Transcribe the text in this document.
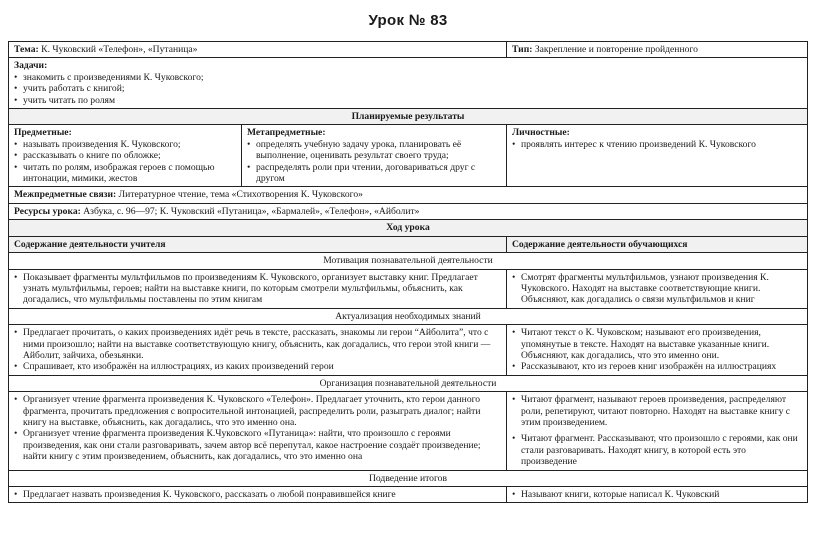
Урок № 83
Тема: К. Чуковский «Телефон», «Путаница»	Тип: Закрепление и повторение пройденного
Задачи:
• знакомить с произведениями К. Чуковского;
• учить работать с книгой;
• учить читать по ролям
Планируемые результаты
Предметные:
• называть произведения К. Чуковского;
• рассказывать о книге по обложке;
• читать по ролям, изображая героев с помощью интонации, мимики, жестов
Метапредметные:
• определять учебную задачу урока, планировать её выполнение, оценивать результат своего труда;
• распределять роли при чтении, договариваться друг с другом
Личностные:
• проявлять интерес к чтению произведений К. Чуковского
Межпредметные связи: Литературное чтение, тема «Стихотворения К. Чуковского»
Ресурсы урока: Азбука, с. 96—97; К. Чуковский «Путаница», «Бармалей», «Телефон», «Айболит»
Ход урока
Содержание деятельности учителя	Содержание деятельности обучающихся
Мотивация познавательной деятельности
• Показывает фрагменты мультфильмов по произведениям К. Чуковского, организует выставку книг. Предлагает узнать мультфильмы, героев; найти на выставке книги, по которым смотрели мультфильмы, объяснить, как догадались, что мультфильмы поставлены по этим книгам
• Смотрят фрагменты мультфильмов, узнают произведения К. Чуковского. Находят на выставке соответствующие книги. Объясняют, как догадались о связи мультфильмов и книг
Актуализация необходимых знаний
• Предлагает прочитать, о каких произведениях идёт речь в тексте, рассказать, знакомы ли герои “Айболита”, что с ними произошло; найти на выставке соответствующую книгу, объяснить, как догадались, что герои этой книги — Айболит, зайчиха, обезьянки.
• Спрашивает, кто изображён на иллюстрациях, из каких произведений герои
• Читают текст о К. Чуковском; называют его произведения, упомянутые в тексте. Находят на выставке указанные книги. Объясняют, как догадались, что это именно они.
• Рассказывают, кто из героев книг изображён на иллюстрациях
Организация познавательной деятельности
• Организует чтение фрагмента произведения К. Чуковского «Телефон». Предлагает уточнить, кто герои данного фрагмента, прочитать предложения с вопросительной интонацией, распределить роли, разыграть диалог; найти книгу на выставке, объяснить, как догадались, что это именно она.
• Организует чтение фрагмента произведения К.Чуковского «Путаница»: найти, что произошло с героями произведения, как они стали разговаривать, зачем автор всё перепутал, какое настроение создаёт произведение; найти книгу с этим произведением, объяснить, как догадались, что это именно она
• Читают фрагмент, называют героев произведения, распределяют роли, репетируют, читают повторно. Находят на выставке книгу с этим произведением.
• Читают фрагмент. Рассказывают, что произошло с героями, как они стали разговаривать. Находят книгу, в которой есть это произведение
Подведение итогов
• Предлагает назвать произведения К. Чуковского, рассказать о любой понравившейся книге
•	Называют книги, которые написал К. Чуковский
